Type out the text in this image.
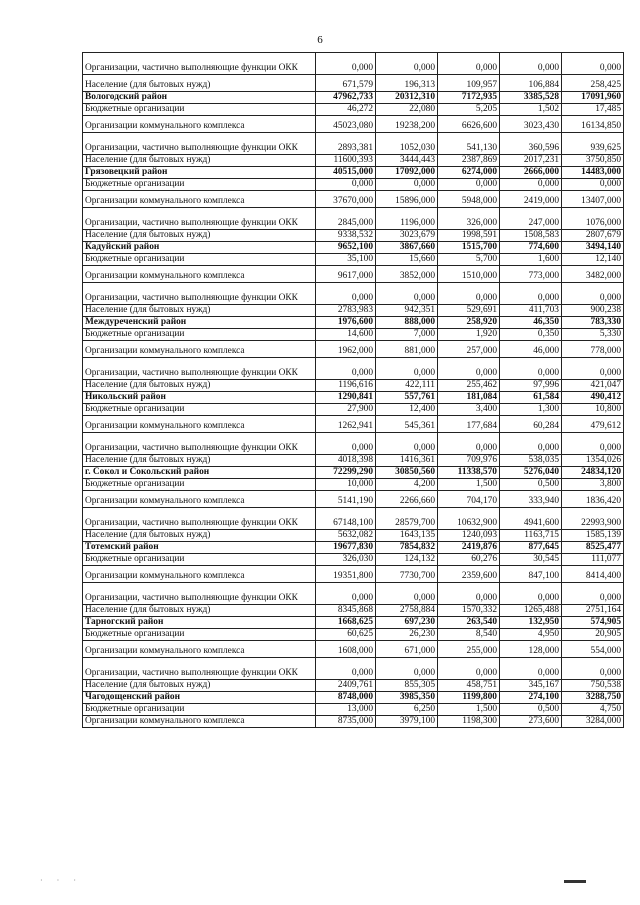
6
Организации, частично выполняющие функции ОКК	0,000	0,000	0,000	0,000	0,000
Население (для бытовых нужд)	671,579	196,313	109,957	106,884	258,425
Вологодский район	47962,733	20312,310	7172,935	3385,528	17091,960
Бюджетные организации	46,272	22,080	5,205	1,502	17,485
Организации коммунального комплекса	45023,080	19238,200	6626,600	3023,430	16134,850
Организации, частично выполняющие функции ОКК	2893,381	1052,030	541,130	360,596	939,625
Население (для бытовых нужд)	11600,393	3444,443	2387,869	2017,231	3750,850
Грязовецкий район	40515,000	17092,000	6274,000	2666,000	14483,000
Бюджетные организации	0,000	0,000	0,000	0,000	0,000
Организации коммунального комплекса	37670,000	15896,000	5948,000	2419,000	13407,000
Организации, частично выполняющие функции ОКК	2845,000	1196,000	326,000	247,000	1076,000
Население (для бытовых нужд)	9338,532	3023,679	1998,591	1508,583	2807,679
Кадуйский район	9652,100	3867,660	1515,700	774,600	3494,140
Бюджетные организации	35,100	15,660	5,700	1,600	12,140
Организации коммунального комплекса	9617,000	3852,000	1510,000	773,000	3482,000
Организации, частично выполняющие функции ОКК	0,000	0,000	0,000	0,000	0,000
Население (для бытовых нужд)	2783,983	942,351	529,691	411,703	900,238
Междуреченский район	1976,600	888,000	258,920	46,350	783,330
Бюджетные организации	14,600	7,000	1,920	0,350	5,330
Организации коммунального комплекса	1962,000	881,000	257,000	46,000	778,000
Организации, частично выполняющие функции ОКК	0,000	0,000	0,000	0,000	0,000
Население (для бытовых нужд)	1196,616	422,111	255,462	97,996	421,047
Никольский район	1290,841	557,761	181,084	61,584	490,412
Бюджетные организации	27,900	12,400	3,400	1,300	10,800
Организации коммунального комплекса	1262,941	545,361	177,684	60,284	479,612
Организации, частично выполняющие функции ОКК	0,000	0,000	0,000	0,000	0,000
Население (для бытовых нужд)	4018,398	1416,361	709,976	538,035	1354,026
г. Сокол и Сокольский район	72299,290	30850,560	11338,570	5276,040	24834,120
Бюджетные организации	10,000	4,200	1,500	0,500	3,800
Организации коммунального комплекса	5141,190	2266,660	704,170	333,940	1836,420
Организации, частично выполняющие функции ОКК	67148,100	28579,700	10632,900	4941,600	22993,900
Население (для бытовых нужд)	5632,082	1643,135	1240,093	1163,715	1585,139
Тотемский район	19677,830	7854,832	2419,876	877,645	8525,477
Бюджетные организации	326,030	124,132	60,276	30,545	111,077
Организации коммунального комплекса	19351,800	7730,700	2359,600	847,100	8414,400
Организации, частично выполняющие функции ОКК	0,000	0,000	0,000	0,000	0,000
Население (для бытовых нужд)	8345,868	2758,884	1570,332	1265,488	2751,164
Тарногский район	1668,625	697,230	263,540	132,950	574,905
Бюджетные организации	60,625	26,230	8,540	4,950	20,905
Организации коммунального комплекса	1608,000	671,000	255,000	128,000	554,000
Организации, частично выполняющие функции ОКК	0,000	0,000	0,000	0,000	0,000
Население (для бытовых нужд)	2409,761	855,305	458,751	345,167	750,538
Чагодощенский район	8748,000	3985,350	1199,800	274,100	3288,750
Бюджетные организации	13,000	6,250	1,500	0,500	4,750
Организации коммунального комплекса	8735,000	3979,100	1198,300	273,600	3284,000
· · ·
